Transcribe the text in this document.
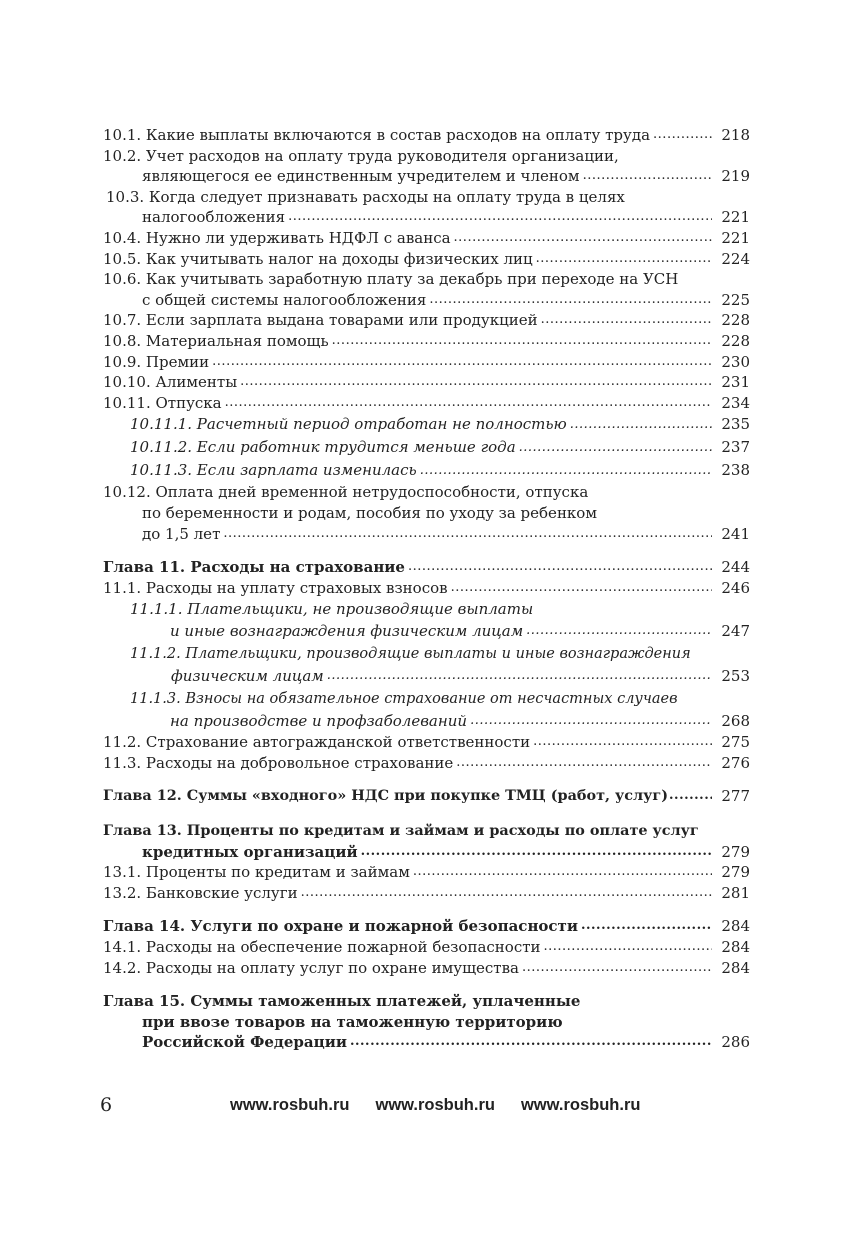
10.1. Какие выплаты включаются в состав расходов на оплату труда .....	218
10.2. Учет расходов на оплату труда руководителя организации,
являющегося ее единственным учредителем и членом .....	219
10.3. Когда следует признавать расходы на оплату труда в целях
налогообложения .....	221
10.4. Нужно ли удерживать НДФЛ с аванса .....	221
10.5. Как учитывать налог на доходы физических лиц .....	224
10.6. Как учитывать заработную плату за декабрь при переходе на УСН
с общей системы налогообложения .....	225
10.7. Если зарплата выдана товарами или продукцией .....	228
10.8. Материальная помощь .....	228
10.9. Премии .....	230
10.10. Алименты .....	231
10.11. Отпуска .....	234
10.11.1. Расчетный период отработан не полностью .....	235
10.11.2. Если работник трудится меньше года .....	237
10.11.3. Если зарплата изменилась .....	238
10.12. Оплата дней временной нетрудоспособности, отпуска
по беременности и родам, пособия по уходу за ребенком
до 1,5 лет .....	241
Глава 11. Расходы на страхование .....	244
11.1. Расходы на уплату страховых взносов .....	246
11.1.1. Плательщики, не производящие выплаты
и иные вознаграждения физическим лицам .....	247
11.1.2. Плательщики, производящие выплаты и иные вознаграждения
физическим лицам .....	253
11.1.3. Взносы на обязательное страхование от несчастных случаев
на производстве и профзаболеваний .....	268
11.2. Страхование автогражданской ответственности .....	275
11.3. Расходы на добровольное страхование .....	276
Глава 12. Суммы «входного» НДС при покупке ТМЦ (работ, услуг) .....	277
Глава 13. Проценты по кредитам и займам и расходы по оплате услуг
кредитных организаций .....	279
13.1. Проценты по кредитам и займам .....	279
13.2. Банковские услуги .....	281
Глава 14. Услуги по охране и пожарной безопасности .....	284
14.1. Расходы на обеспечение пожарной безопасности .....	284
14.2. Расходы на оплату услуг по охране имущества .....	284
Глава 15. Суммы таможенных платежей, уплаченные
при ввозе товаров на таможенную территорию
Российской Федерации .....	286
6	www.rosbuh.ru www.rosbuh.ru www.rosbuh.ru
